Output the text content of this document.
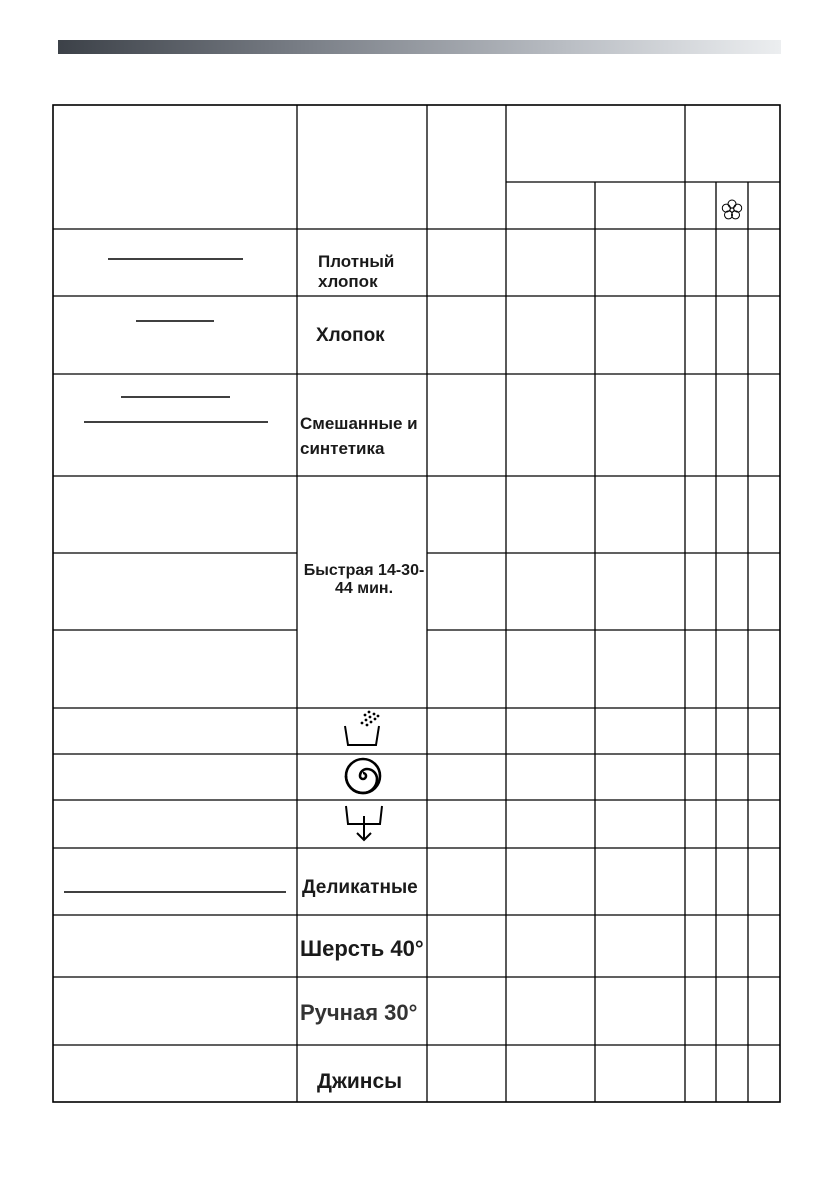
Плотный хлопок
Хлопок
Смешанные и синтетика
Быстрая 14-30-44 мин.
Деликатные
Шерсть 40°
Ручная 30°
Джинсы
